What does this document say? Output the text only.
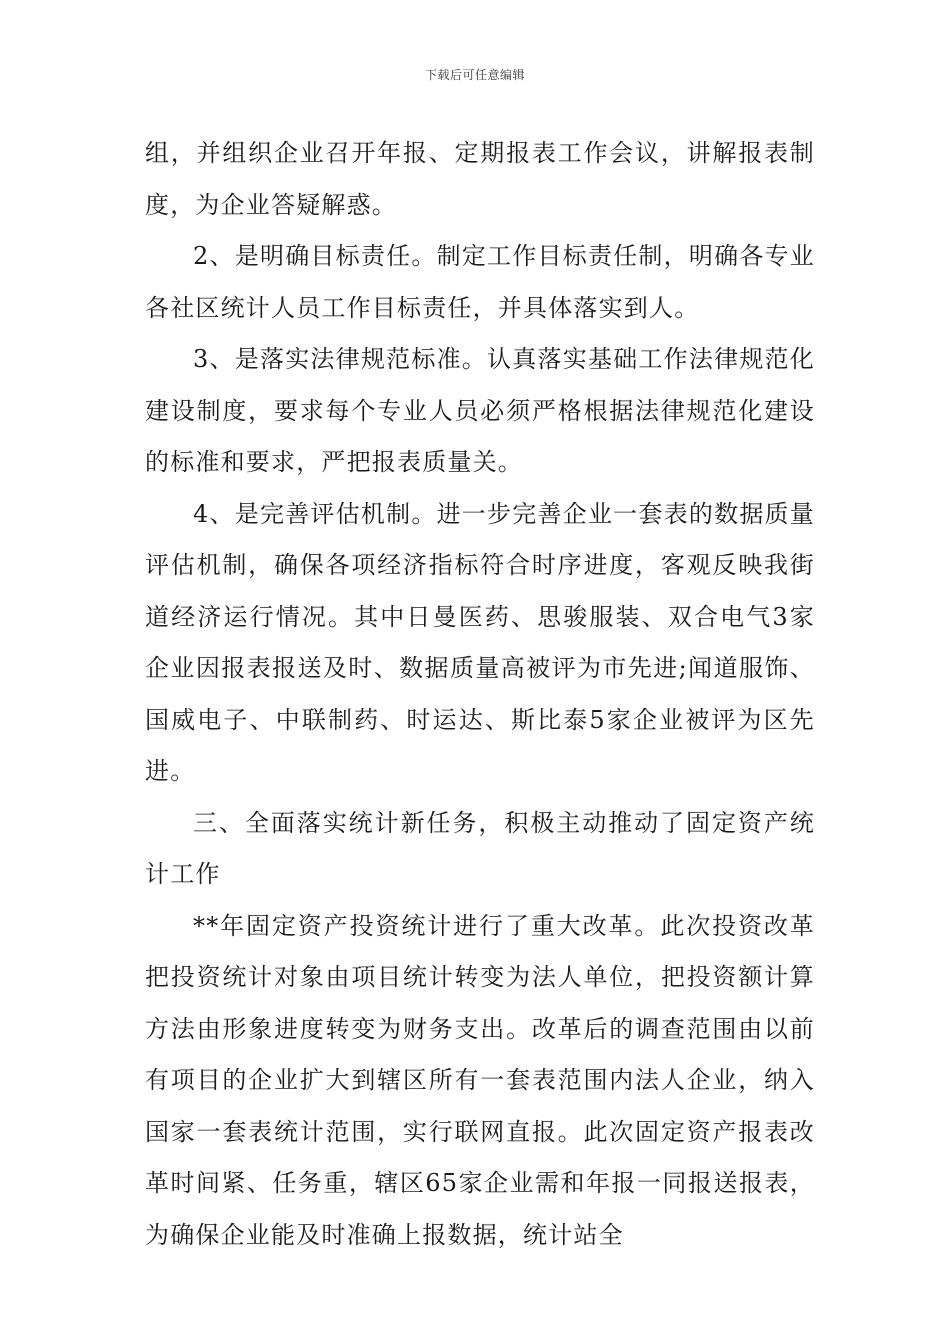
下载后可任意编辑

组，并组织企业召开年报、定期报表工作会议，讲解报表制度，为企业答疑解惑。

2、是明确目标责任。制定工作目标责任制，明确各专业各社区统计人员工作目标责任，并具体落实到人。

3、是落实法律规范标准。认真落实基础工作法律规范化建设制度，要求每个专业人员必须严格根据法律规范化建设的标准和要求，严把报表质量关。

4、是完善评估机制。进一步完善企业一套表的数据质量评估机制，确保各项经济指标符合时序进度，客观反映我街道经济运行情况。其中日曼医药、思骏服装、双合电气3家企业因报表报送及时、数据质量高被评为市先进;闻道服饰、国威电子、中联制药、时运达、斯比泰5家企业被评为区先进。

三、全面落实统计新任务，积极主动推动了固定资产统计工作

**年固定资产投资统计进行了重大改革。此次投资改革把投资统计对象由项目统计转变为法人单位，把投资额计算方法由形象进度转变为财务支出。改革后的调查范围由以前有项目的企业扩大到辖区所有一套表范围内法人企业，纳入国家一套表统计范围，实行联网直报。此次固定资产报表改革时间紧、任务重，辖区65家企业需和年报一同报送报表，为确保企业能及时准确上报数据，统计站全
